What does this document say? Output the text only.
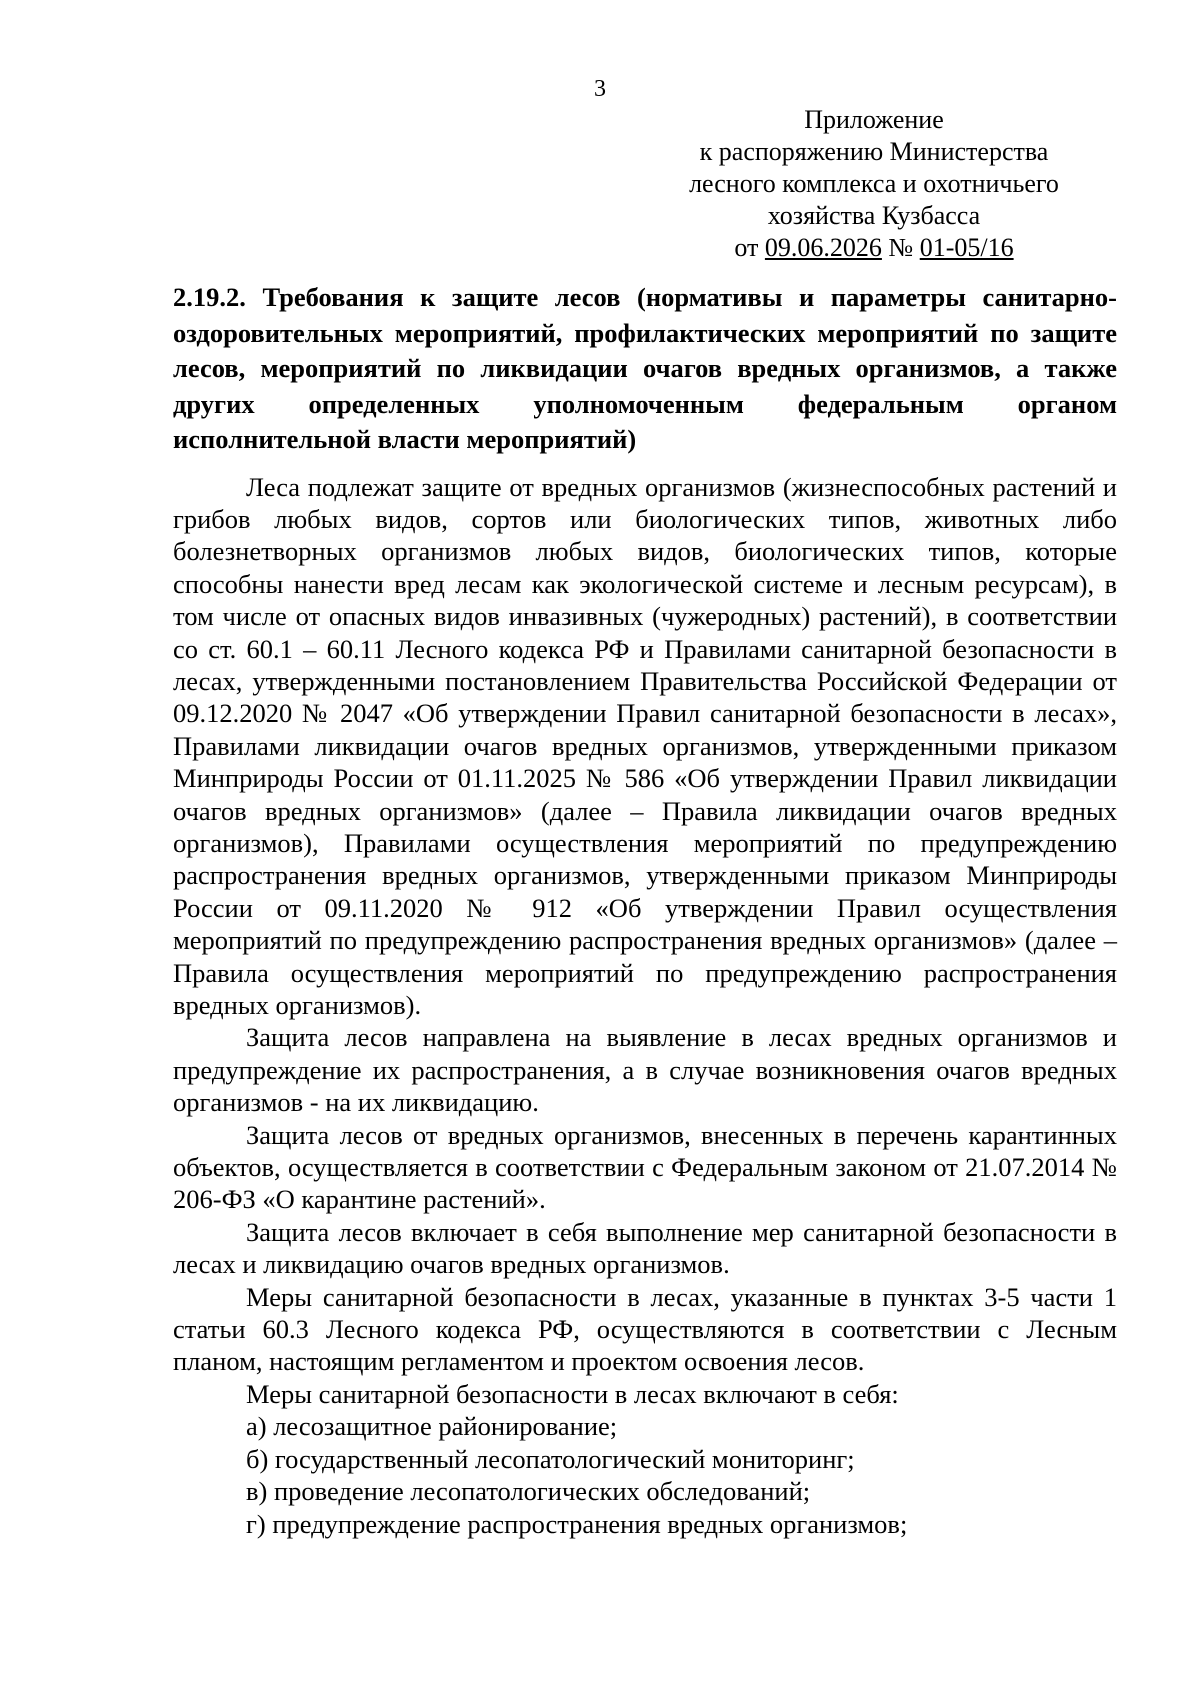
3
Приложение
к распоряжению Министерства
лесного комплекса и охотничьего
хозяйства Кузбасса
от 09.06.2026 № 01-05/16
2.19.2. Требования к защите лесов (нормативы и параметры санитарно-оздоровительных мероприятий, профилактических мероприятий по защите лесов, мероприятий по ликвидации очагов вредных организмов, а также других определенных уполномоченным федеральным органом исполнительной власти мероприятий)
Леса подлежат защите от вредных организмов (жизнеспособных растений и грибов любых видов, сортов или биологических типов, животных либо болезнетворных организмов любых видов, биологических типов, которые способны нанести вред лесам как экологической системе и лесным ресурсам), в том числе от опасных видов инвазивных (чужеродных) растений), в соответствии со ст. 60.1 – 60.11 Лесного кодекса РФ и Правилами санитарной безопасности в лесах, утвержденными постановлением Правительства Российской Федерации от 09.12.2020 № 2047 «Об утверждении Правил санитарной безопасности в лесах», Правилами ликвидации очагов вредных организмов, утвержденными приказом Минприроды России от 01.11.2025 № 586 «Об утверждении Правил ликвидации очагов вредных организмов» (далее – Правила ликвидации очагов вредных организмов), Правилами осуществления мероприятий по предупреждению распространения вредных организмов, утвержденными приказом Минприроды России от 09.11.2020 № 912 «Об утверждении Правил осуществления мероприятий по предупреждению распространения вредных организмов» (далее – Правила осуществления мероприятий по предупреждению распространения вредных организмов).
Защита лесов направлена на выявление в лесах вредных организмов и предупреждение их распространения, а в случае возникновения очагов вредных организмов - на их ликвидацию.
Защита лесов от вредных организмов, внесенных в перечень карантинных объектов, осуществляется в соответствии с Федеральным законом от 21.07.2014 № 206-ФЗ «О карантине растений».
Защита лесов включает в себя выполнение мер санитарной безопасности в лесах и ликвидацию очагов вредных организмов.
Меры санитарной безопасности в лесах, указанные в пунктах 3-5 части 1 статьи 60.3 Лесного кодекса РФ, осуществляются в соответствии с Лесным планом, настоящим регламентом и проектом освоения лесов.
Меры санитарной безопасности в лесах включают в себя:
а) лесозащитное районирование;
б) государственный лесопатологический мониторинг;
в) проведение лесопатологических обследований;
г) предупреждение распространения вредных организмов;
